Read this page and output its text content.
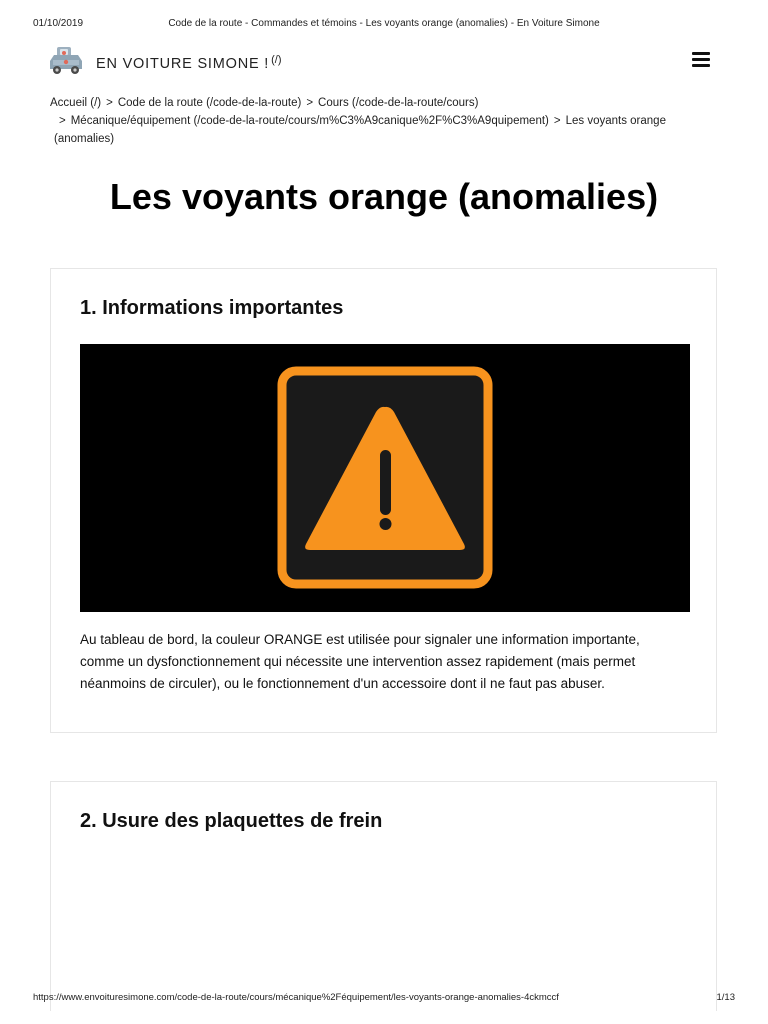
01/10/2019	Code de la route - Commandes et témoins - Les voyants orange (anomalies) - En Voiture Simone
EN VOITURE SIMONE ! (/)
Accueil (/) > Code de la route (/code-de-la-route) > Cours (/code-de-la-route/cours)
> Mécanique/équipement (/code-de-la-route/cours/m%C3%A9canique%2F%C3%A9quipement) > Les voyants orange (anomalies)
Les voyants orange (anomalies)
1. Informations importantes

Au tableau de bord, la couleur ORANGE est utilisée pour signaler une information importante, comme un dysfonctionnement qui nécessite une intervention assez rapidement (mais permet néanmoins de circuler), ou le fonctionnement d'un accessoire dont il ne faut pas abuser.

2. Usure des plaquettes de frein
https://www.envoituresimone.com/code-de-la-route/cours/mécanique%2Féquipement/les-voyants-orange-anomalies-4ckmccf	1/13
